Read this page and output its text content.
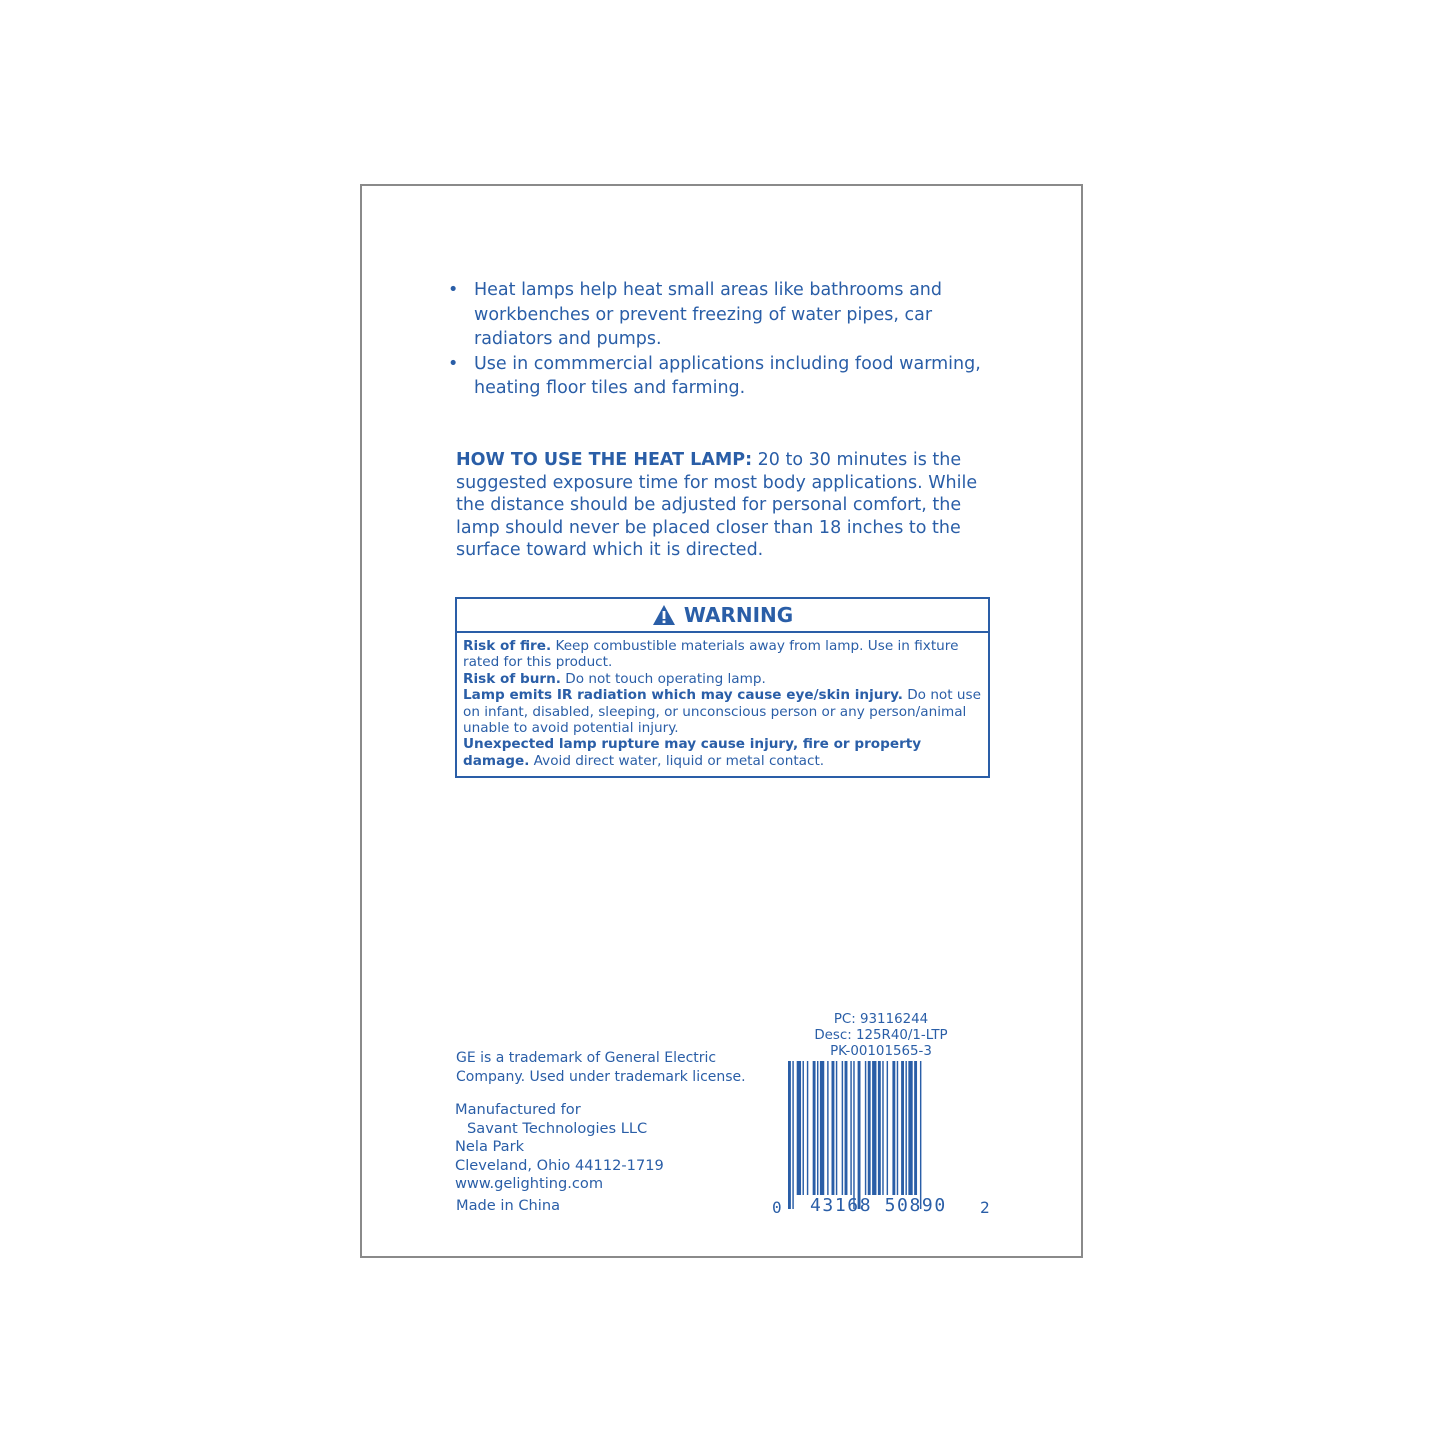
• Heat lamps help heat small areas like bathrooms and workbenches or prevent freezing of water pipes, car radiators and pumps.
• Use in commmercial applications including food warming, heating floor tiles and farming.

HOW TO USE THE HEAT LAMP: 20 to 30 minutes is the suggested exposure time for most body applications. While the distance should be adjusted for personal comfort, the lamp should never be placed closer than 18 inches to the surface toward which it is directed.

WARNING

Risk of fire. Keep combustible materials away from lamp. Use in fixture rated for this product.

Risk of burn. Do not touch operating lamp.

Lamp emits IR radiation which may cause eye/skin injury. Do not use on infant, disabled, sleeping, or unconscious person or any person/animal unable to avoid potential injury.

Unexpected lamp rupture may cause injury, fire or property damage. Avoid direct water, liquid or metal contact.

GE is a trademark of General Electric Company. Used under trademark license.

Manufactured for
Savant Technologies LLC
Nela Park
Cleveland, Ohio 44112-1719
www.gelighting.com

Made in China

PC: 93116244
Desc: 125R40/1-LTP
PK-00101565-3
0 43168 50890 2
